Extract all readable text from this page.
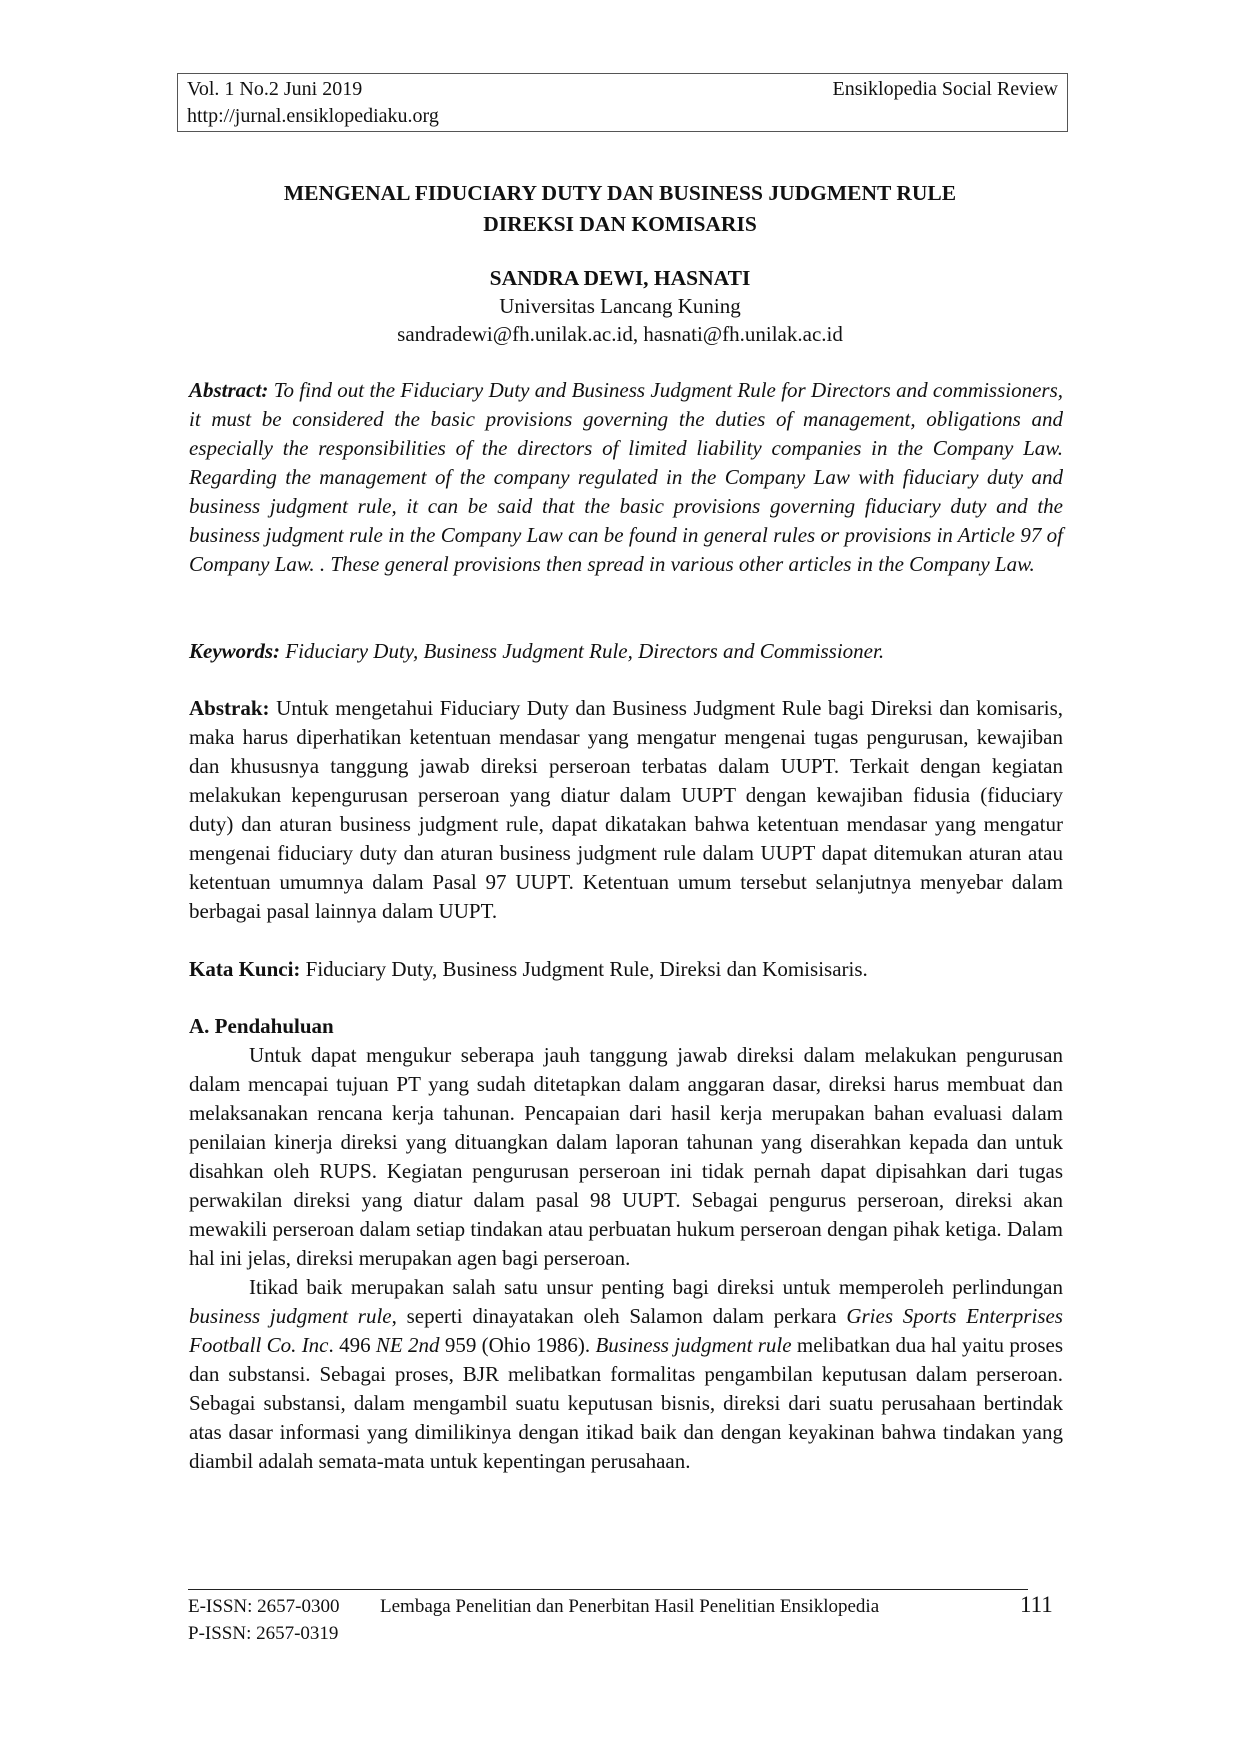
Vol. 1 No.2 Juni 2019	Ensiklopedia Social Review
http://jurnal.ensiklopediaku.org
MENGENAL FIDUCIARY DUTY DAN BUSINESS JUDGMENT RULE
DIREKSI DAN KOMISARIS
SANDRA DEWI, HASNATI
Universitas Lancang Kuning
sandradewi@fh.unilak.ac.id, hasnati@fh.unilak.ac.id
Abstract: To find out the Fiduciary Duty and Business Judgment Rule for Directors and commissioners, it must be considered the basic provisions governing the duties of management, obligations and especially the responsibilities of the directors of limited liability companies in the Company Law. Regarding the management of the company regulated in the Company Law with fiduciary duty and business judgment rule, it can be said that the basic provisions governing fiduciary duty and the business judgment rule in the Company Law can be found in general rules or provisions in Article 97 of Company Law. . These general provisions then spread in various other articles in the Company Law.
Keywords: Fiduciary Duty, Business Judgment Rule, Directors and Commissioner.
Abstrak: Untuk mengetahui Fiduciary Duty dan Business Judgment Rule bagi Direksi dan komisaris, maka harus diperhatikan ketentuan mendasar yang mengatur mengenai tugas pengurusan, kewajiban dan khususnya tanggung jawab direksi perseroan terbatas dalam UUPT. Terkait dengan kegiatan melakukan kepengurusan perseroan yang diatur dalam UUPT dengan kewajiban fidusia (fiduciary duty) dan aturan business judgment rule, dapat dikatakan bahwa ketentuan mendasar yang mengatur mengenai fiduciary duty dan aturan business judgment rule dalam UUPT dapat ditemukan aturan atau ketentuan umumnya dalam Pasal 97 UUPT. Ketentuan umum tersebut selanjutnya menyebar dalam berbagai pasal lainnya dalam UUPT.
Kata Kunci: Fiduciary Duty, Business Judgment Rule, Direksi dan Komisisaris.
A. Pendahuluan

Untuk dapat mengukur seberapa jauh tanggung jawab direksi dalam melakukan pengurusan dalam mencapai tujuan PT yang sudah ditetapkan dalam anggaran dasar, direksi harus membuat dan melaksanakan rencana kerja tahunan. Pencapaian dari hasil kerja merupakan bahan evaluasi dalam penilaian kinerja direksi yang dituangkan dalam laporan tahunan yang diserahkan kepada dan untuk disahkan oleh RUPS. Kegiatan pengurusan perseroan ini tidak pernah dapat dipisahkan dari tugas perwakilan direksi yang diatur dalam pasal 98 UUPT. Sebagai pengurus perseroan, direksi akan mewakili perseroan dalam setiap tindakan atau perbuatan hukum perseroan dengan pihak ketiga. Dalam hal ini jelas, direksi merupakan agen bagi perseroan.

Itikad baik merupakan salah satu unsur penting bagi direksi untuk memperoleh perlindungan business judgment rule, seperti dinayatakan oleh Salamon dalam perkara Gries Sports Enterprises Football Co. Inc. 496 NE 2nd 959 (Ohio 1986). Business judgment rule melibatkan dua hal yaitu proses dan substansi. Sebagai proses, BJR melibatkan formalitas pengambilan keputusan dalam perseroan. Sebagai substansi, dalam mengambil suatu keputusan bisnis, direksi dari suatu perusahaan bertindak atas dasar informasi yang dimilikinya dengan itikad baik dan dengan keyakinan bahwa tindakan yang diambil adalah semata-mata untuk kepentingan perusahaan.

E-ISSN: 2657-0300
P-ISSN: 2657-0319
Lembaga Penelitian dan Penerbitan Hasil Penelitian Ensiklopedia	111
